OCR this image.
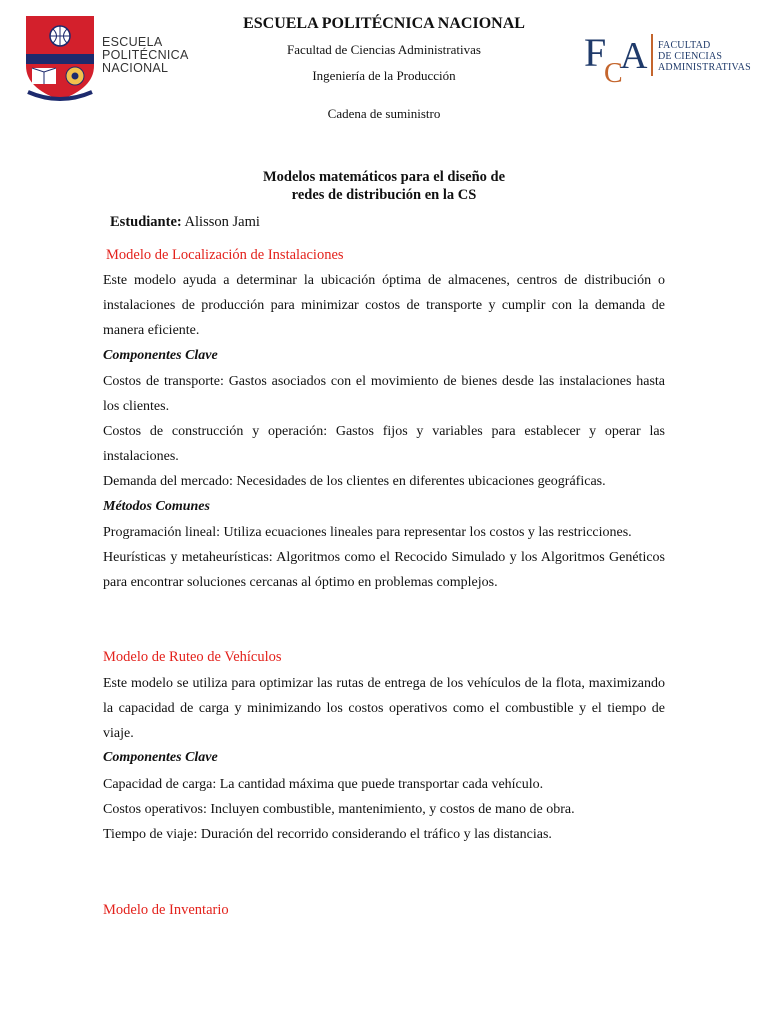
ESCUELA
POLITÉCNICA
NACIONAL
ESCUELA POLITÉCNICA NACIONAL
Facultad de Ciencias Administrativas
Ingeniería de la Producción
Cadena de suministro
F
C
A FACULTAD
DE CIENCIAS
ADMINISTRATIVAS
Modelos matemáticos para el diseño de
redes de distribución en la CS
Estudiante: Alisson Jami
Modelo de Localización de Instalaciones

Este modelo ayuda a determinar la ubicación óptima de almacenes, centros de distribución o instalaciones de producción para minimizar costos de transporte y cumplir con la demanda de manera eficiente.

Componentes Clave

Costos de transporte: Gastos asociados con el movimiento de bienes desde las instalaciones hasta los clientes.

Costos de construcción y operación: Gastos fijos y variables para establecer y operar las instalaciones.

Demanda del mercado: Necesidades de los clientes en diferentes ubicaciones geográficas.

Métodos Comunes

Programación lineal: Utiliza ecuaciones lineales para representar los costos y las restricciones.

Heurísticas y metaheurísticas: Algoritmos como el Recocido Simulado y los Algoritmos Genéticos para encontrar soluciones cercanas al óptimo en problemas complejos.

Modelo de Ruteo de Vehículos

Este modelo se utiliza para optimizar las rutas de entrega de los vehículos de la flota, maximizando la capacidad de carga y minimizando los costos operativos como el combustible y el tiempo de viaje.

Componentes Clave

Capacidad de carga: La cantidad máxima que puede transportar cada vehículo.

Costos operativos: Incluyen combustible, mantenimiento, y costos de mano de obra.

Tiempo de viaje: Duración del recorrido considerando el tráfico y las distancias.

Modelo de Inventario
